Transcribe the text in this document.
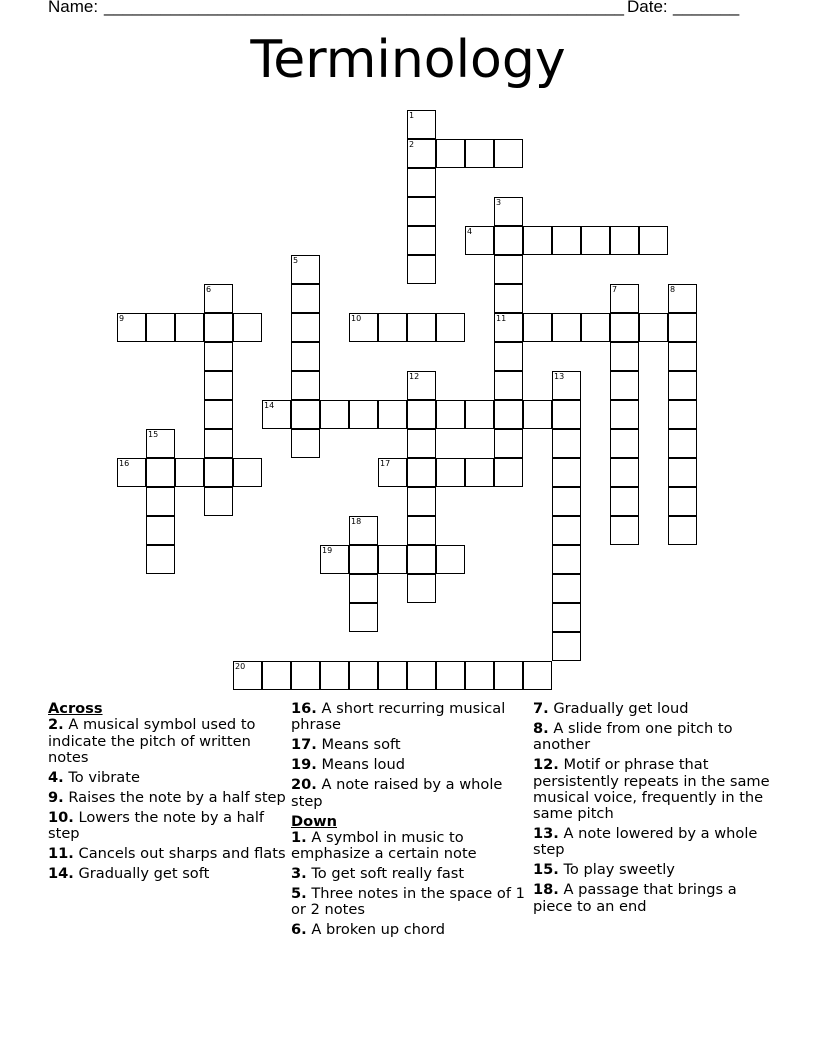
Name: _______________________________________________________ Date: _______
Terminology
2
4
9	10	11
14
16	17
19
20
1
3
5
6	7	8
12	13
15
18
Across
2. A musical symbol used to indicate the pitch of written notes
4. To vibrate
9. Raises the note by a half step
10. Lowers the note by a half step
11. Cancels out sharps and flats
14. Gradually get soft
16. A short recurring musical phrase
17. Means soft
19. Means loud
20. A note raised by a whole step
Down
1. A symbol in music to emphasize a certain note
3. To get soft really fast
5. Three notes in the space of 1 or 2 notes
6. A broken up chord
7. Gradually get loud
8. A slide from one pitch to another
12. Motif or phrase that persistently repeats in the same musical voice, frequently in the same pitch
13. A note lowered by a whole step
15. To play sweetly
18. A passage that brings a piece to an end
